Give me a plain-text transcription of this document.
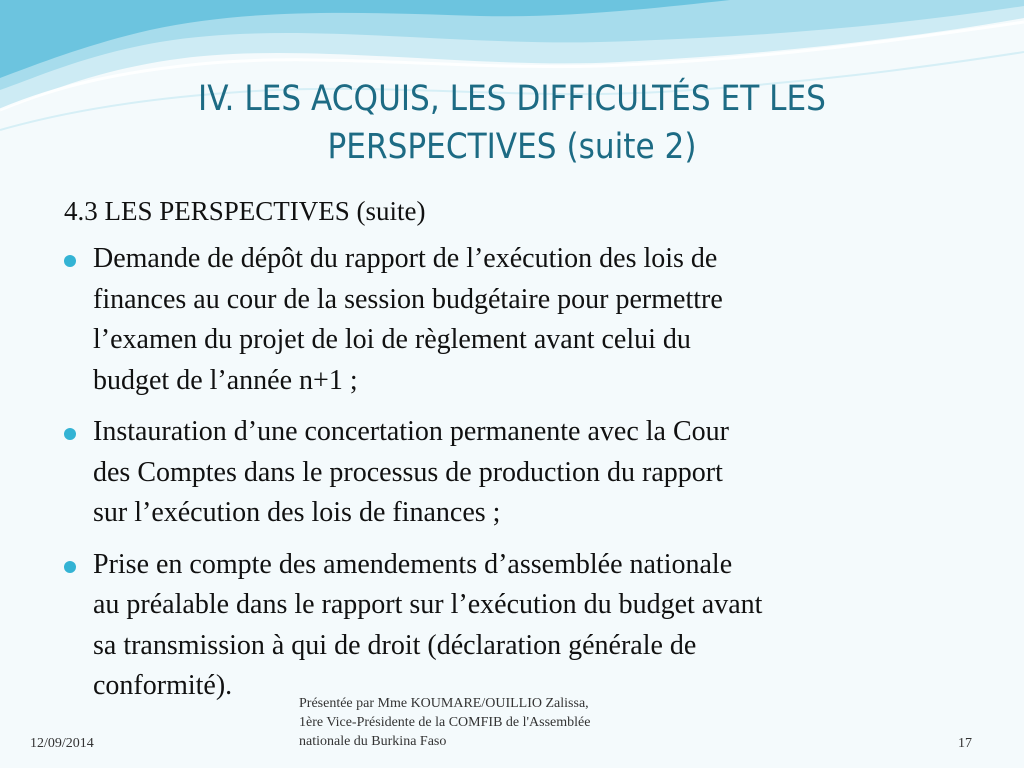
IV. LES ACQUIS, LES DIFFICULTÉS ET LES
PERSPECTIVES (suite 2)
4.3 LES PERSPECTIVES (suite)
Demande de dépôt du rapport de l’exécution des lois de
finances au cour de la session budgétaire pour permettre
l’examen du projet de loi de règlement avant celui du
budget de l’année n+1 ;
Instauration d’une concertation permanente avec la Cour
des Comptes dans le processus de production du rapport
sur l’exécution des lois de finances ;
Prise en compte des amendements d’assemblée nationale
au préalable dans le rapport sur l’exécution du budget avant
sa transmission à qui de droit (déclaration générale de
conformité).
12/09/2014
Présentée par Mme KOUMARE/OUILLIO Zalissa,
1ère Vice-Présidente de la COMFIB de l'Assemblée
nationale du Burkina Faso	17
